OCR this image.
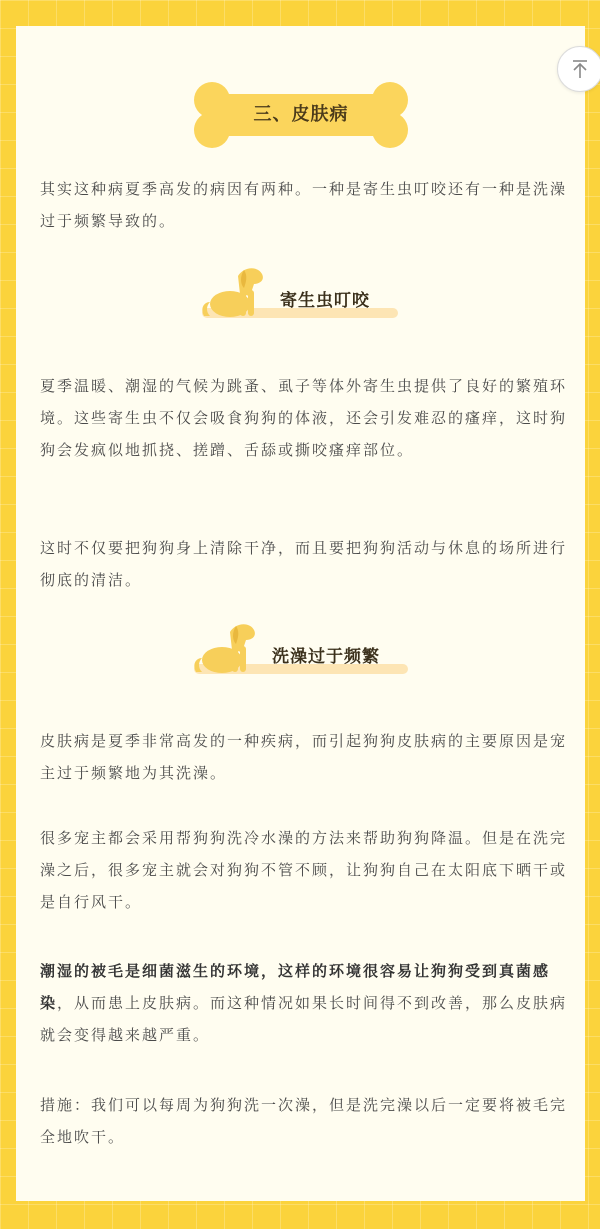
三、皮肤病

其实这种病夏季高发的病因有两种。一种是寄生虫叮咬还有一种是洗澡过于频繁导致的。

寄生虫叮咬

夏季温暖、潮湿的气候为跳蚤、虱子等体外寄生虫提供了良好的繁殖环境。这些寄生虫不仅会吸食狗狗的体液，还会引发难忍的瘙痒，这时狗狗会发疯似地抓挠、搓蹭、舌舔或撕咬瘙痒部位。

这时不仅要把狗狗身上清除干净，而且要把狗狗活动与休息的场所进行彻底的清洁。

洗澡过于频繁

皮肤病是夏季非常高发的一种疾病，而引起狗狗皮肤病的主要原因是宠主过于频繁地为其洗澡。

很多宠主都会采用帮狗狗洗冷水澡的方法来帮助狗狗降温。但是在洗完澡之后，很多宠主就会对狗狗不管不顾，让狗狗自己在太阳底下晒干或是自行风干。

潮湿的被毛是细菌滋生的环境，这样的环境很容易让狗狗受到真菌感染，从而患上皮肤病。而这种情况如果长时间得不到改善，那么皮肤病就会变得越来越严重。

措施：我们可以每周为狗狗洗一次澡，但是洗完澡以后一定要将被毛完全地吹干。
